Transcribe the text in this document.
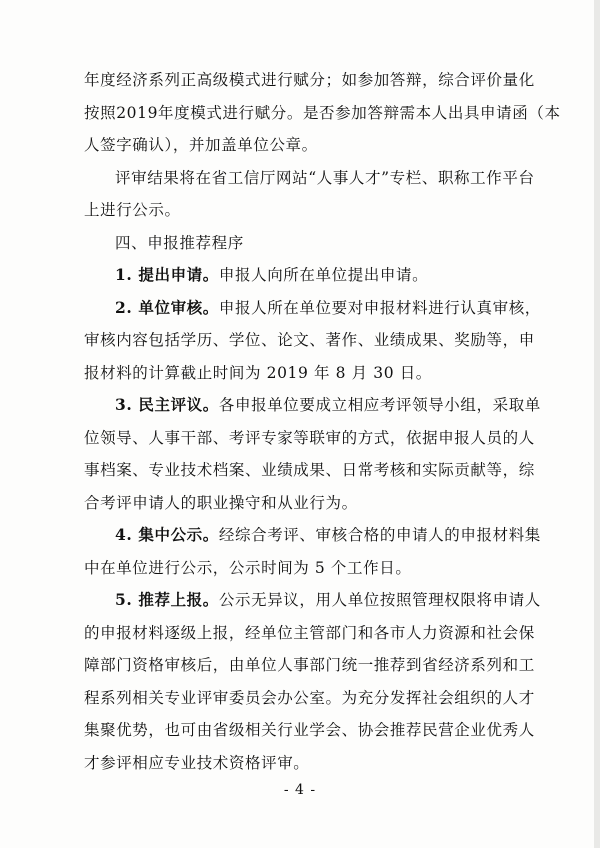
年度经济系列正高级模式进行赋分；如参加答辩，综合评价量化
按照2019年度模式进行赋分。是否参加答辩需本人出具申请函（本
人签字确认），并加盖单位公章。
评审结果将在省工信厅网站“人事人才”专栏、职称工作平台
上进行公示。
四、申报推荐程序
1. 提出申请。申报人向所在单位提出申请。
2. 单位审核。申报人所在单位要对申报材料进行认真审核，
审核内容包括学历、学位、论文、著作、业绩成果、奖励等，申
报材料的计算截止时间为 2019 年 8 月 30 日。
3. 民主评议。各申报单位要成立相应考评领导小组，采取单
位领导、人事干部、考评专家等联审的方式，依据申报人员的人
事档案、专业技术档案、业绩成果、日常考核和实际贡献等，综
合考评申请人的职业操守和从业行为。
4. 集中公示。经综合考评、审核合格的申请人的申报材料集
中在单位进行公示，公示时间为 5 个工作日。
5. 推荐上报。公示无异议，用人单位按照管理权限将申请人
的申报材料逐级上报，经单位主管部门和各市人力资源和社会保
障部门资格审核后，由单位人事部门统一推荐到省经济系列和工
程系列相关专业评审委员会办公室。为充分发挥社会组织的人才
集聚优势，也可由省级相关行业学会、协会推荐民营企业优秀人
才参评相应专业技术资格评审。
- 4 -
